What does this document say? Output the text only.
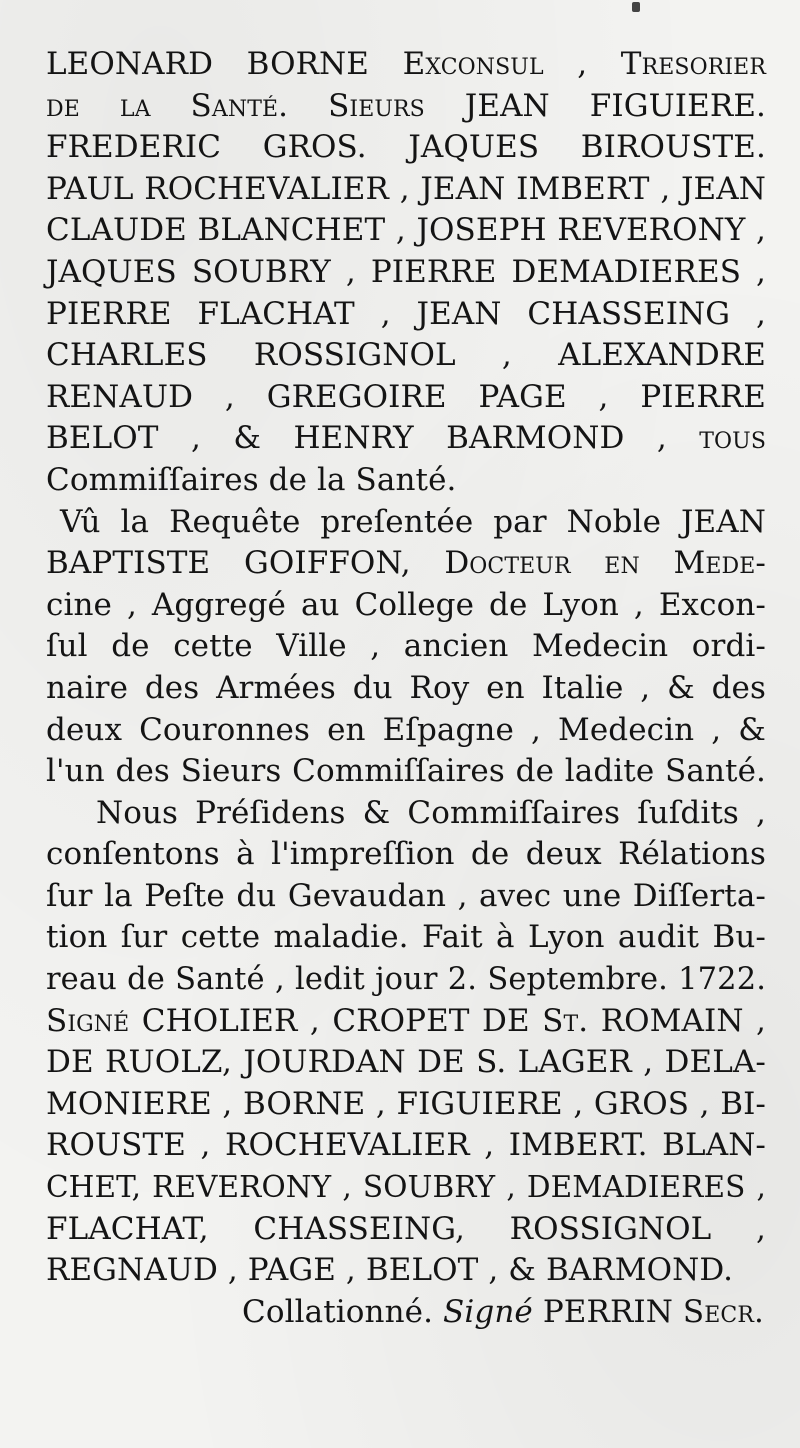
LEONARD BORNE Exconſul , Treſorier
de la Santé. Sieurs JEAN FIGUIERE.
FREDERIC GROS. JAQUES BIROUSTE.
PAUL ROCHEVALIER , JEAN IMBERT , JEAN
CLAUDE BLANCHET , JOSEPH REVERONY ,
JAQUES SOUBRY , PIERRE DEMADIERES ,
PIERRE FLACHAT , JEAN CHASSEING ,
CHARLES ROSSIGNOL , ALEXANDRE
RENAUD , GREGOIRE PAGE , PIERRE
BELOT , & HENRY BARMOND , tous
Commiſſaires de la Santé.
Vû la Requête preſentée par Noble JEAN
BAPTISTE GOIFFON, Docteur en Mede-
cine , Aggregé au College de Lyon , Excon-
ſul de cette Ville , ancien Medecin ordi-
naire des Armées du Roy en Italie , & des
deux Couronnes en Eſpagne , Medecin , &
l'un des Sieurs Commiſſaires de ladite Santé.
Nous Préſidens & Commiſſaires ſuſdits ,
conſentons à l'impreſſion de deux Rélations
ſur la Peſte du Gevaudan , avec une Diſſerta-
tion ſur cette maladie. Fait à Lyon audit Bu-
reau de Santé , ledit jour 2. Septembre. 1722.
Signé CHOLIER , CROPET DE St. ROMAIN ,
DE RUOLZ, JOURDAN DE S. LAGER , DELA-
MONIERE , BORNE , FIGUIERE , GROS , BI-
ROUSTE , ROCHEVALIER , IMBERT. BLAN-
CHET, REVERONY , SOUBRY , DEMADIERES ,
FLACHAT, CHASSEING, ROSSIGNOL ,
REGNAUD , PAGE , BELOT , & BARMOND.
Collationné. Signé PERRIN Secr.
